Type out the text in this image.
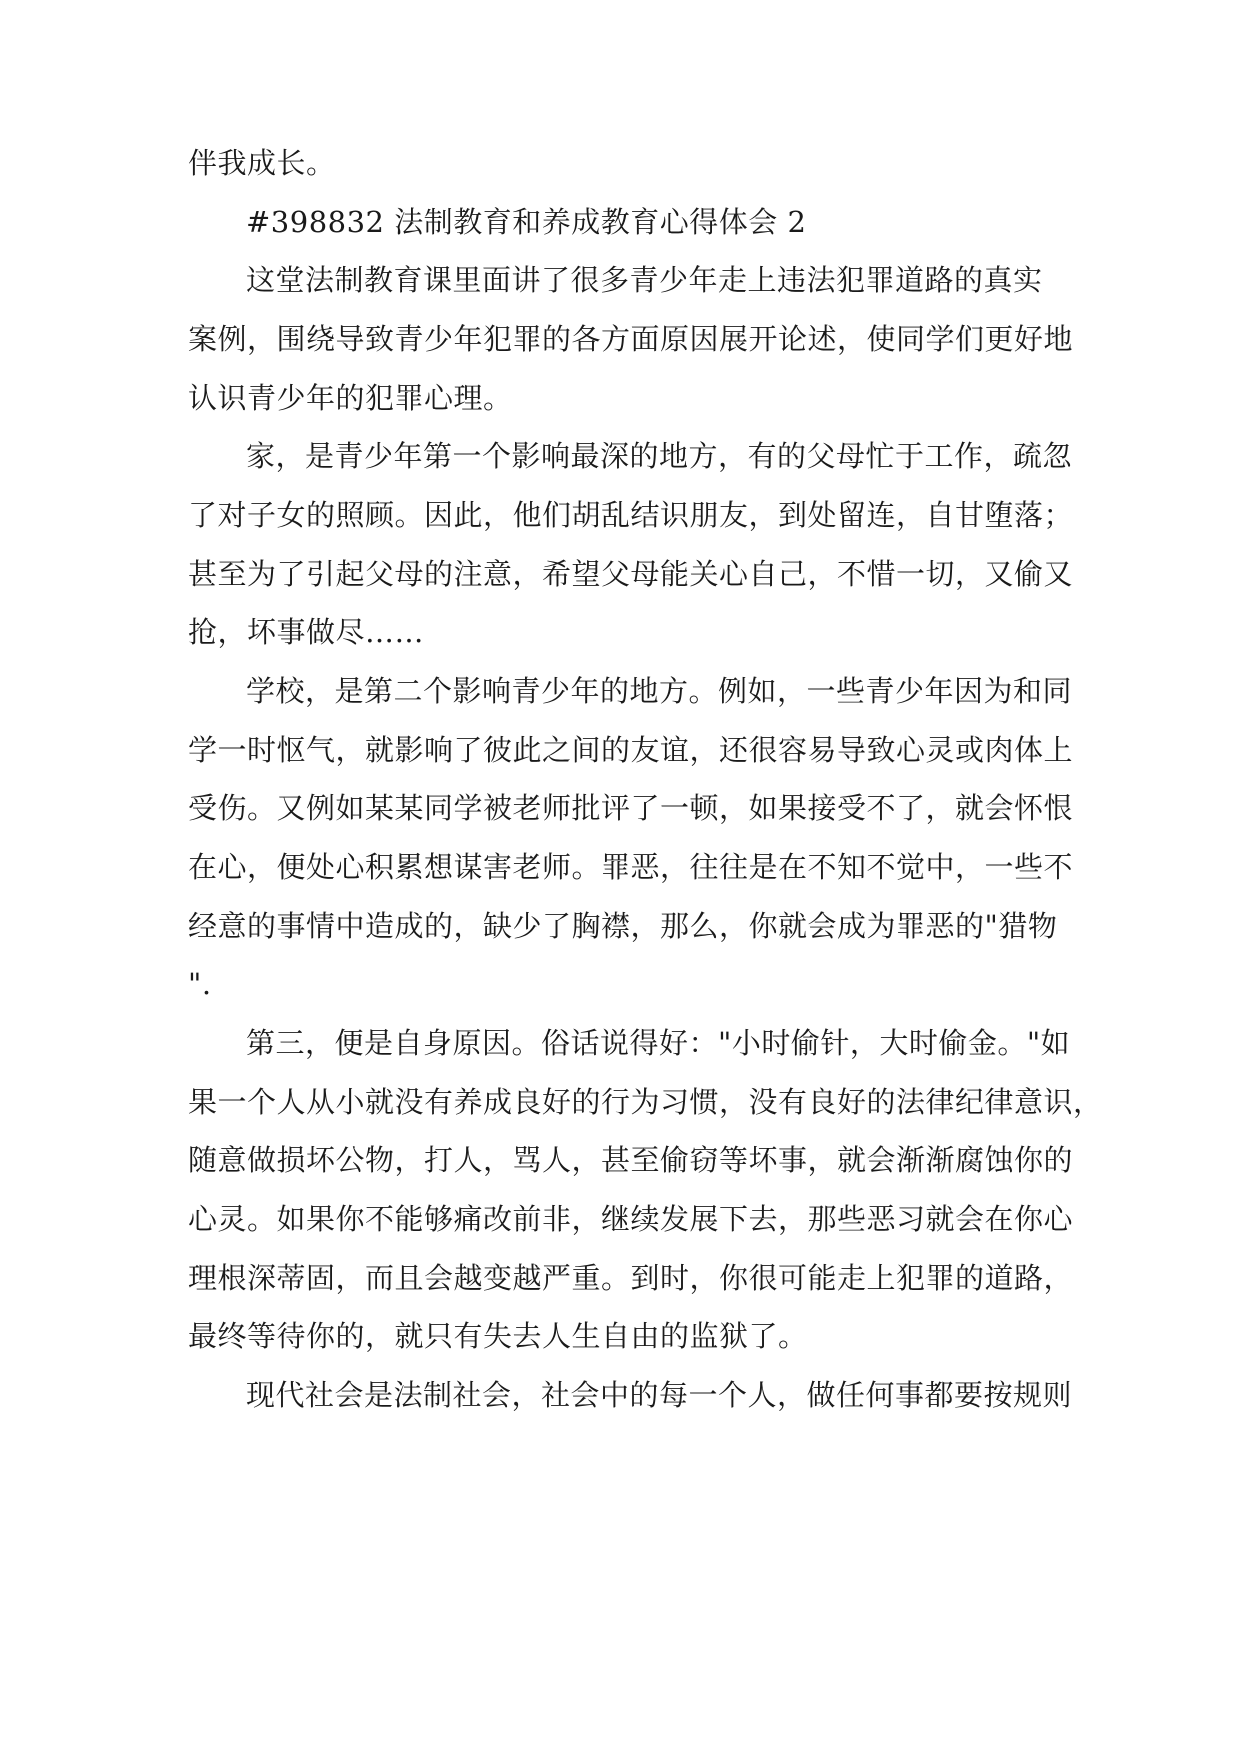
伴我成长。
#398832 法制教育和养成教育心得体会 2
这堂法制教育课里面讲了很多青少年走上违法犯罪道路的真实
案例，围绕导致青少年犯罪的各方面原因展开论述，使同学们更好地
认识青少年的犯罪心理。
家，是青少年第一个影响最深的地方，有的父母忙于工作，疏忽
了对子女的照顾。因此，他们胡乱结识朋友，到处留连，自甘堕落；
甚至为了引起父母的注意，希望父母能关心自己，不惜一切，又偷又
抢，坏事做尽……
学校，是第二个影响青少年的地方。例如，一些青少年因为和同
学一时怄气，就影响了彼此之间的友谊，还很容易导致心灵或肉体上
受伤。又例如某某同学被老师批评了一顿，如果接受不了，就会怀恨
在心，便处心积累想谋害老师。罪恶，往往是在不知不觉中，一些不
经意的事情中造成的，缺少了胸襟，那么，你就会成为罪恶的"猎物
".
第三，便是自身原因。俗话说得好："小时偷针，大时偷金。"如
果一个人从小就没有养成良好的行为习惯，没有良好的法律纪律意识，
随意做损坏公物，打人，骂人，甚至偷窃等坏事，就会渐渐腐蚀你的
心灵。如果你不能够痛改前非，继续发展下去，那些恶习就会在你心
理根深蒂固，而且会越变越严重。到时，你很可能走上犯罪的道路，
最终等待你的，就只有失去人生自由的监狱了。
现代社会是法制社会，社会中的每一个人，做任何事都要按规则
